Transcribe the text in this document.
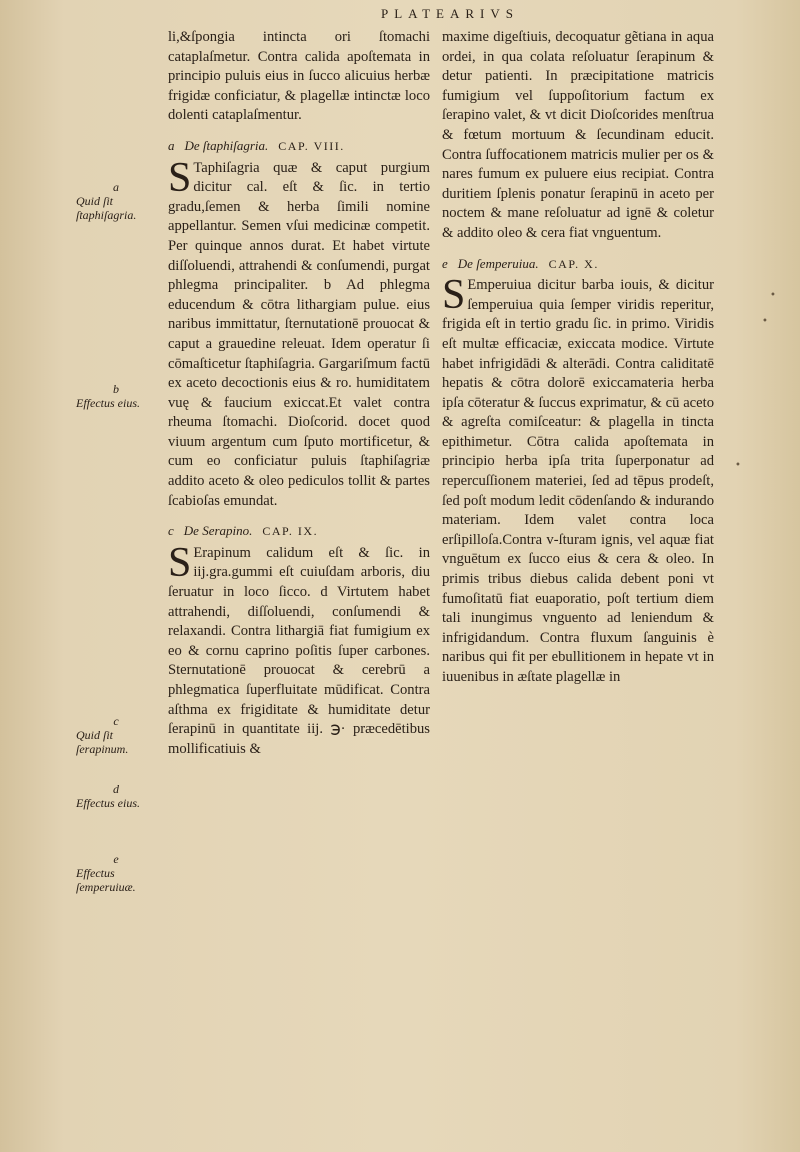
PLATEARIVS

li,&ſpongia intincta ori ſtomachi cataplaſmetur. Contra calida apoſtemata in principio puluis eius in ſucco alicuius herbæ frigidæ conficiatur, & plagellæ intinctæ loco dolenti cataplaſmentur.

a De ſtaphiſagria. CAP. VIII.

S Taphiſagria quæ & caput purgium dicitur cal. eſt & ſic. in tertio gradu,ſemen & herba ſimili nomine appellantur. Semen vſui medicinæ competit. Per quinque annos durat. Et habet virtute diſſoluendi, attrahendi & conſumendi, purgat phlegma principaliter. b Ad phlegma educendum & cōtra lithargiam pulue. eius naribus immittatur, ſternutationē prouocat & caput a grauedine releuat. Idem operatur ſi cōmaſticetur ſtaphiſagria. Gargariſmum factū ex aceto decoctionis eius & ro. humiditatem vuę & faucium exiccat.Et valet contra rheuma ſtomachi. Dioſcorid. docet quod viuum argentum cum ſputo mortificetur, & cum eo conficiatur puluis ſtaphiſagriæ addito aceto & oleo pediculos tollit & partes ſcabioſas emundat.

c De Serapino. CAP. IX.

S Erapinum calidum eſt & ſic. in iij.gra.gummi eſt cuiuſdam arboris, diu ſeruatur in loco ſicco. d Virtutem habet attrahendi, diſſoluendi, conſumendi & relaxandi. Contra lithargiā fiat fumigium ex eo & cornu caprino poſitis ſuper carbones. Sternutationē prouocat & cerebrū a phlegmatica ſuperfluitate mūdificat. Contra aſthma ex frigiditate & humiditate detur ſerapinū in quantitate iij. ℈· præcedētibus mollificatiuis &

maxime digeſtiuis, decoquatur gẽtiana in aqua ordei, in qua colata reſoluatur ſerapinum & detur patienti. In præcipitatione matricis fumigium vel ſuppoſitorium factum ex ſerapino valet, & vt dicit Dioſcorides menſtrua & fœtum mortuum & ſecundinam educit. Contra ſuffocationem matricis mulier per os & nares fumum ex puluere eius recipiat. Contra duritiem ſplenis ponatur ſerapinū in aceto per noctem & mane reſoluatur ad ignē & coletur & addito oleo & cera fiat vnguentum.

e De ſemperuiua. CAP. X.

S Emperuiua dicitur barba iouis, & dicitur ſemperuiua quia ſemper viridis reperitur, frigida eſt in tertio gradu ſic. in primo. Viridis eſt multæ efficaciæ, exiccata modice. Virtute habet infrigidādi & alterādi. Contra caliditatē hepatis & cōtra dolorē exiccamateria herba ipſa cōteratur & ſuccus exprimatur, & cū aceto & agreſta comiſceatur: & plagella in tincta epithimetur. Cōtra calida apoſtemata in principio herba ipſa trita ſuperponatur ad repercuſſionem materiei, ſed ad tēpus prodeſt, ſed poſt modum ledit cōdenſando & indurando materiam. Idem valet contra loca erſipilloſa.Contra v-ſturam ignis, vel aquæ fiat vnguētum ex ſucco eius & cera & oleo. In primis tribus diebus calida debent poni vt fumoſitatū fiat euaporatio, poſt tertium diem tali inungimus vnguento ad leniendum & infrigidandum. Contra fluxum ſanguinis è naribus qui fit per ebullitionem in hepate vt in iuuenibus in æſtate plagellæ in

a
Quid ſit ſtaphiſagria.
b
Effectus eius.
c
Quid ſit ſerapinum.
d
Effectus eius.
e
Effectus ſemperuiuæ.
•
•
•
